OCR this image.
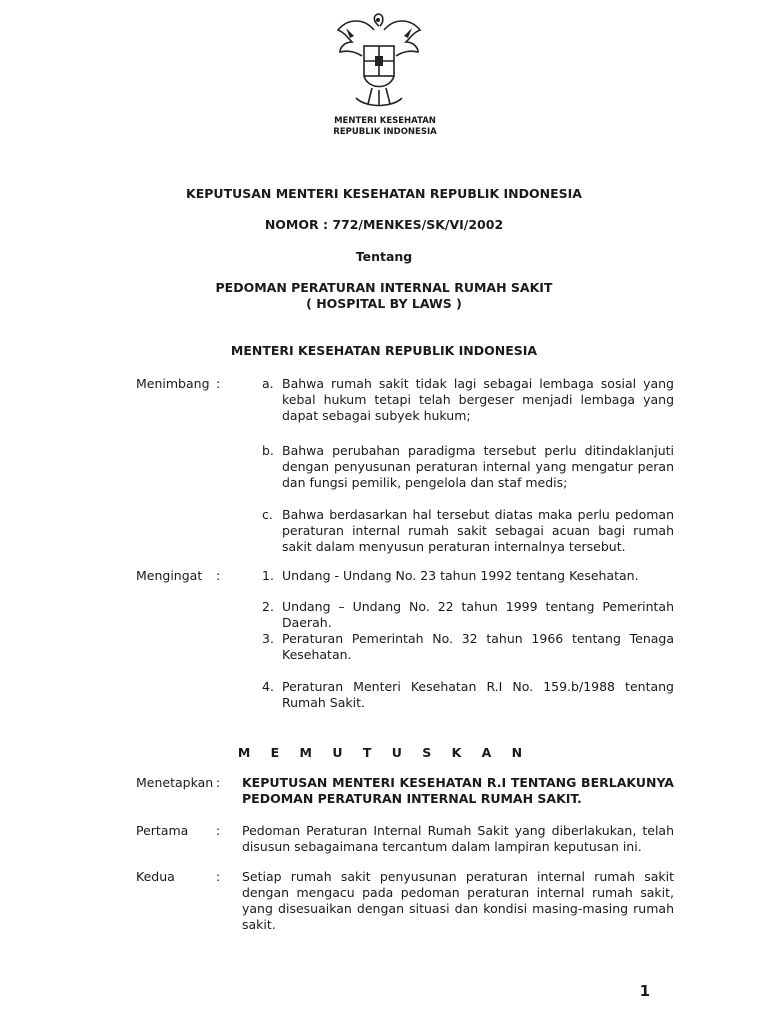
MENTERI KESEHATAN
REPUBLIK INDONESIA
KEPUTUSAN MENTERI KESEHATAN REPUBLIK INDONESIA
NOMOR : 772/MENKES/SK/VI/2002
Tentang
PEDOMAN PERATURAN INTERNAL RUMAH SAKIT
( HOSPITAL BY LAWS )
MENTERI KESEHATAN REPUBLIK INDONESIA
Menimbang :	a. Bahwa rumah sakit tidak lagi sebagai lembaga sosial yang kebal hukum tetapi telah bergeser menjadi lembaga yang dapat sebagai subyek hukum;
b. Bahwa perubahan paradigma tersebut perlu ditindaklanjuti dengan penyusunan peraturan internal yang mengatur peran dan fungsi pemilik, pengelola dan staf medis;
c. Bahwa berdasarkan hal tersebut diatas maka perlu pedoman peraturan internal rumah sakit sebagai acuan bagi rumah sakit dalam menyusun peraturan internalnya tersebut.
Mengingat :	1. Undang - Undang No. 23 tahun 1992 tentang Kesehatan.
2. Undang – Undang No. 22 tahun 1999 tentang Pemerintah Daerah.
3. Peraturan Pemerintah No. 32 tahun 1966 tentang Tenaga Kesehatan.
4. Peraturan Menteri Kesehatan R.I No. 159.b/1988 tentang Rumah Sakit.
M E M U T U S K A N
Menetapkan : KEPUTUSAN MENTERI KESEHATAN R.I TENTANG BERLAKUNYA PEDOMAN PERATURAN INTERNAL RUMAH SAKIT.
Pertama : Pedoman Peraturan Internal Rumah Sakit yang diberlakukan, telah disusun sebagaimana tercantum dalam lampiran keputusan ini.
Kedua	: Setiap rumah sakit penyusunan peraturan internal rumah sakit dengan mengacu pada pedoman peraturan internal rumah sakit, yang disesuaikan dengan situasi dan kondisi masing-masing rumah sakit.
1
